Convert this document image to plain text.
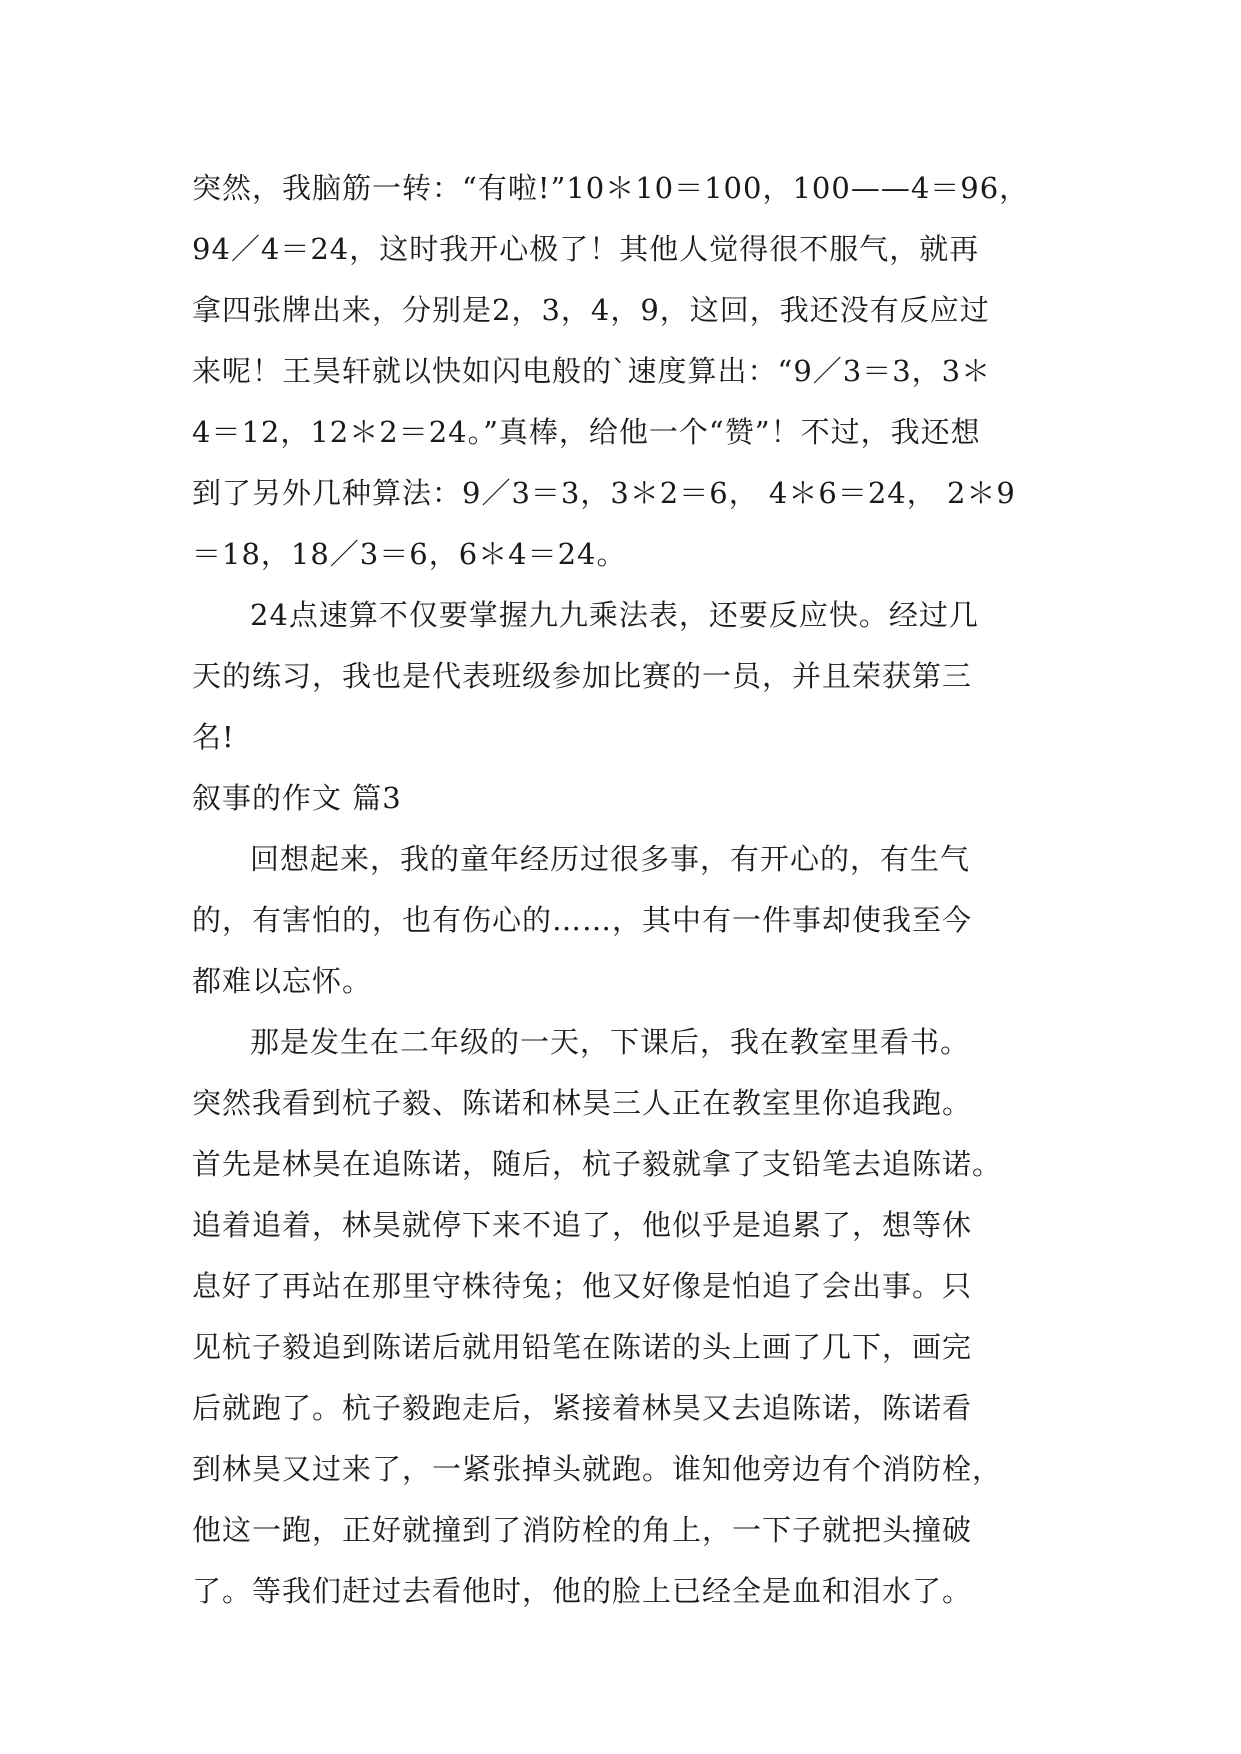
突然，我脑筋一转：“有啦!”10＊10＝100，100——4＝96，
94／4＝24，这时我开心极了！其他人觉得很不服气，就再
拿四张牌出来，分别是2，3，4，9，这回，我还没有反应过
来呢！王昊轩就以快如闪电般的`速度算出：“9／3＝3，3＊
4＝12，12＊2＝24。”真棒，给他一个“赞”！不过，我还想
到了另外几种算法：9／3＝3，3＊2＝6， 4＊6＝24， 2＊9
＝18，18／3＝6，6＊4＝24。
24点速算不仅要掌握九九乘法表，还要反应快。经过几
天的练习，我也是代表班级参加比赛的一员，并且荣获第三
名!
叙事的作文 篇3
回想起来，我的童年经历过很多事，有开心的，有生气
的，有害怕的，也有伤心的……，其中有一件事却使我至今
都难以忘怀。
那是发生在二年级的一天，下课后，我在教室里看书。
突然我看到杭子毅、陈诺和林昊三人正在教室里你追我跑。
首先是林昊在追陈诺，随后，杭子毅就拿了支铅笔去追陈诺。
追着追着，林昊就停下来不追了，他似乎是追累了，想等休
息好了再站在那里守株待兔；他又好像是怕追了会出事。只
见杭子毅追到陈诺后就用铅笔在陈诺的头上画了几下，画完
后就跑了。杭子毅跑走后，紧接着林昊又去追陈诺，陈诺看
到林昊又过来了，一紧张掉头就跑。谁知他旁边有个消防栓，
他这一跑，正好就撞到了消防栓的角上，一下子就把头撞破
了。等我们赶过去看他时，他的脸上已经全是血和泪水了。
